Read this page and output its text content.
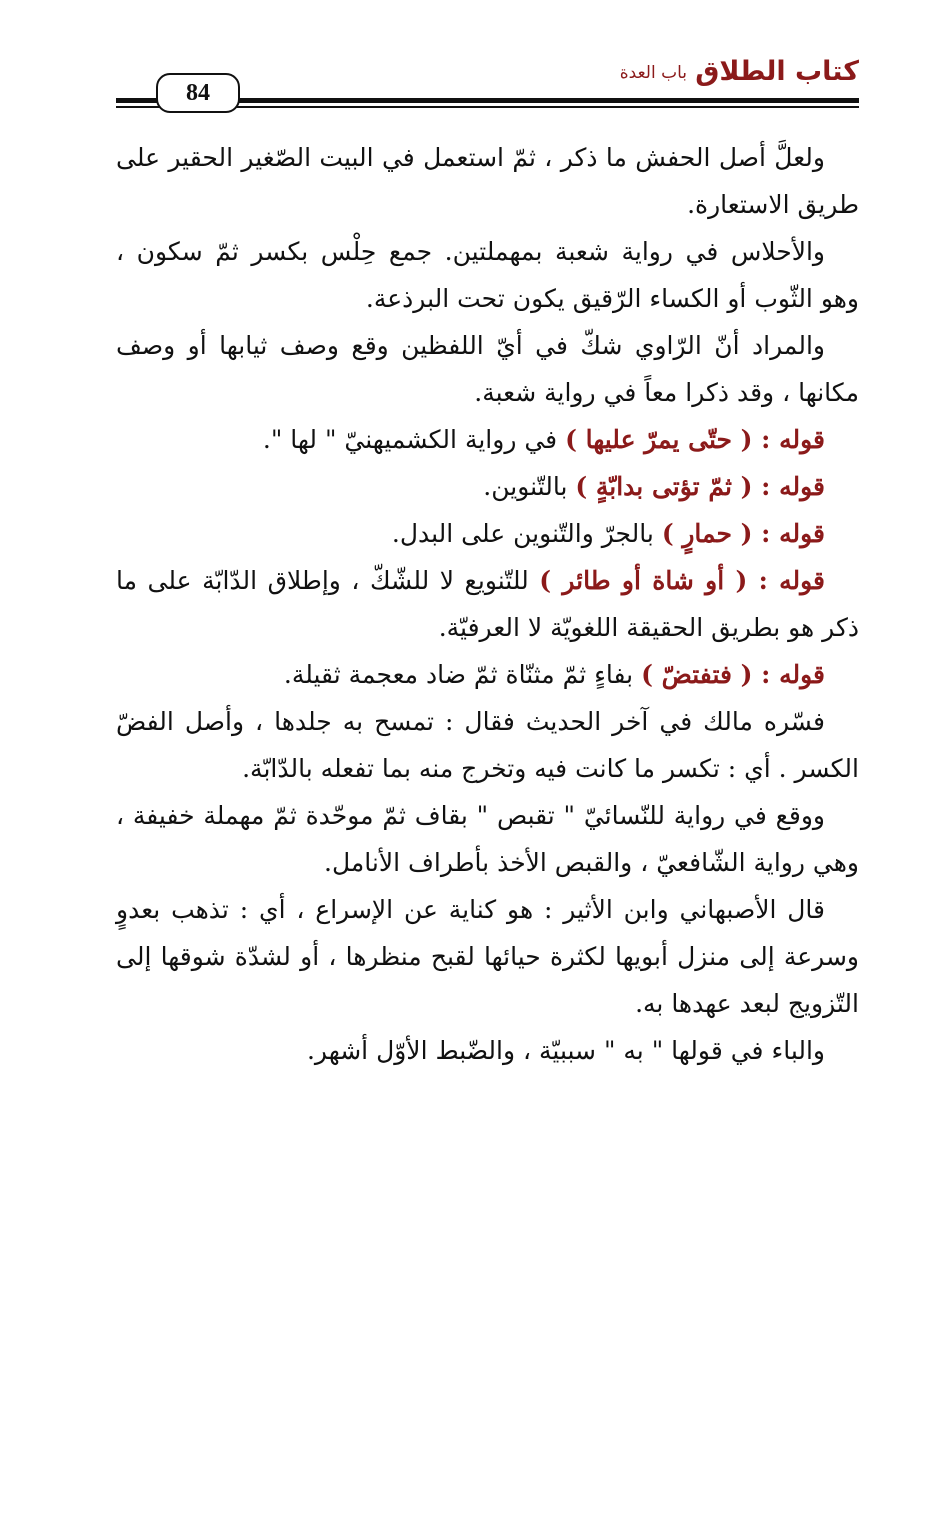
كتاب الطلاق
باب العدة
84

ولعلَّ أصل الحفش ما ذكر ، ثمّ استعمل في البيت الصّغير الحقير على طريق الاستعارة.

والأحلاس في رواية شعبة بمهملتين. جمع حِلْس بكسر ثمّ سكون ، وهو الثّوب أو الكساء الرّقيق يكون تحت البرذعة.

والمراد أنّ الرّاوي شكّ في أيّ اللفظين وقع وصف ثيابها أو وصف مكانها ، وقد ذكرا معاً في رواية شعبة.

قوله : ( حتّى يمرّ عليها ) في رواية الكشميهنيّ " لها ".

قوله : ( ثمّ تؤتى بدابّةٍ ) بالتّنوين.

قوله : ( حمارٍ ) بالجرّ والتّنوين على البدل.

قوله : ( أو شاة أو طائر ) للتّنويع لا للشّكّ ، وإطلاق الدّابّة على ما ذكر هو بطريق الحقيقة اللغويّة لا العرفيّة.

قوله : ( فتفتضّ ) بفاءٍ ثمّ مثنّاة ثمّ ضاد معجمة ثقيلة.

فسّره مالك في آخر الحديث فقال : تمسح به جلدها ، وأصل الفضّ الكسر . أي : تكسر ما كانت فيه وتخرج منه بما تفعله بالدّابّة.

ووقع في رواية للنّسائيّ " تقبص " بقاف ثمّ موحّدة ثمّ مهملة خفيفة ، وهي رواية الشّافعيّ ، والقبص الأخذ بأطراف الأنامل.

قال الأصبهاني وابن الأثير : هو كناية عن الإسراع ، أي : تذهب بعدوٍ وسرعة إلى منزل أبويها لكثرة حيائها لقبح منظرها ، أو لشدّة شوقها إلى التّزويج لبعد عهدها به.

والباء في قولها " به " سببيّة ، والضّبط الأوّل أشهر.
